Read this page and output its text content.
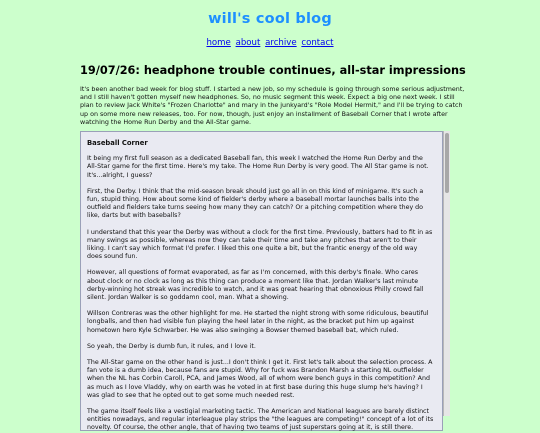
will's cool blog
home about archive contact
19/07/26: headphone trouble continues, all-star impressions
It's been another bad week for blog stuff. I started a new job, so my schedule is going through some serious adjustment, and I still haven't gotten myself new headphones. So, no music segment this week. Expect a big one next week. I still plan to review Jack White's "Frozen Charlotte" and mary in the junkyard's "Role Model Hermit," and I'll be trying to catch up on some more new releases, too. For now, though, just enjoy an installment of Baseball Corner that I wrote after watching the Home Run Derby and the All-Star game.
Baseball Corner

It being my first full season as a dedicated Baseball fan, this week I watched the Home Run Derby and the All-Star game for the first time. Here's my take. The Home Run Derby is very good. The All Star game is not. It's...alright, I guess?

First, the Derby. I think that the mid-season break should just go all in on this kind of minigame. It's such a fun, stupid thing. How about some kind of fielder's derby where a baseball mortar launches balls into the outfield and fielders take turns seeing how many they can catch? Or a pitching competition where they do like, darts but with baseballs?

I understand that this year the Derby was without a clock for the first time. Previously, batters had to fit in as many swings as possible, whereas now they can take their time and take any pitches that aren't to their liking. I can't say which format I'd prefer. I liked this one quite a bit, but the frantic energy of the old way does sound fun.

However, all questions of format evaporated, as far as I'm concerned, with this derby's finale. Who cares about clock or no clock as long as this thing can produce a moment like that. Jordan Walker's last minute derby-winning hot streak was incredible to watch, and it was great hearing that obnoxious Philly crowd fall silent. Jordan Walker is so goddamn cool, man. What a showing.

Willson Contreras was the other highlight for me. He started the night strong with some ridiculous, beautiful longballs, and then had visible fun playing the heel later in the night, as the bracket put him up against hometown hero Kyle Schwarber. He was also swinging a Bowser themed baseball bat, which ruled.

So yeah, the Derby is dumb fun, it rules, and I love it.

The All-Star game on the other hand is just...I don't think I get it. First let's talk about the selection process. A fan vote is a dumb idea, because fans are stupid. Why for fuck was Brandon Marsh a starting NL outfielder when the NL has Corbin Caroll, PCA, and James Wood, all of whom were bench guys in this competition? And as much as I love Vladdy, why on earth was he voted in at first base during this huge slump he's having? I was glad to see that he opted out to get some much needed rest.

The game itself feels like a vestigial marketing tactic. The American and National leagues are barely distinct entities nowadays, and regular interleague play strips the "the leagues are competing!" concept of a lot of its novelty. Of course, the other angle, that of having two teams of just superstars going at it, is still there.
